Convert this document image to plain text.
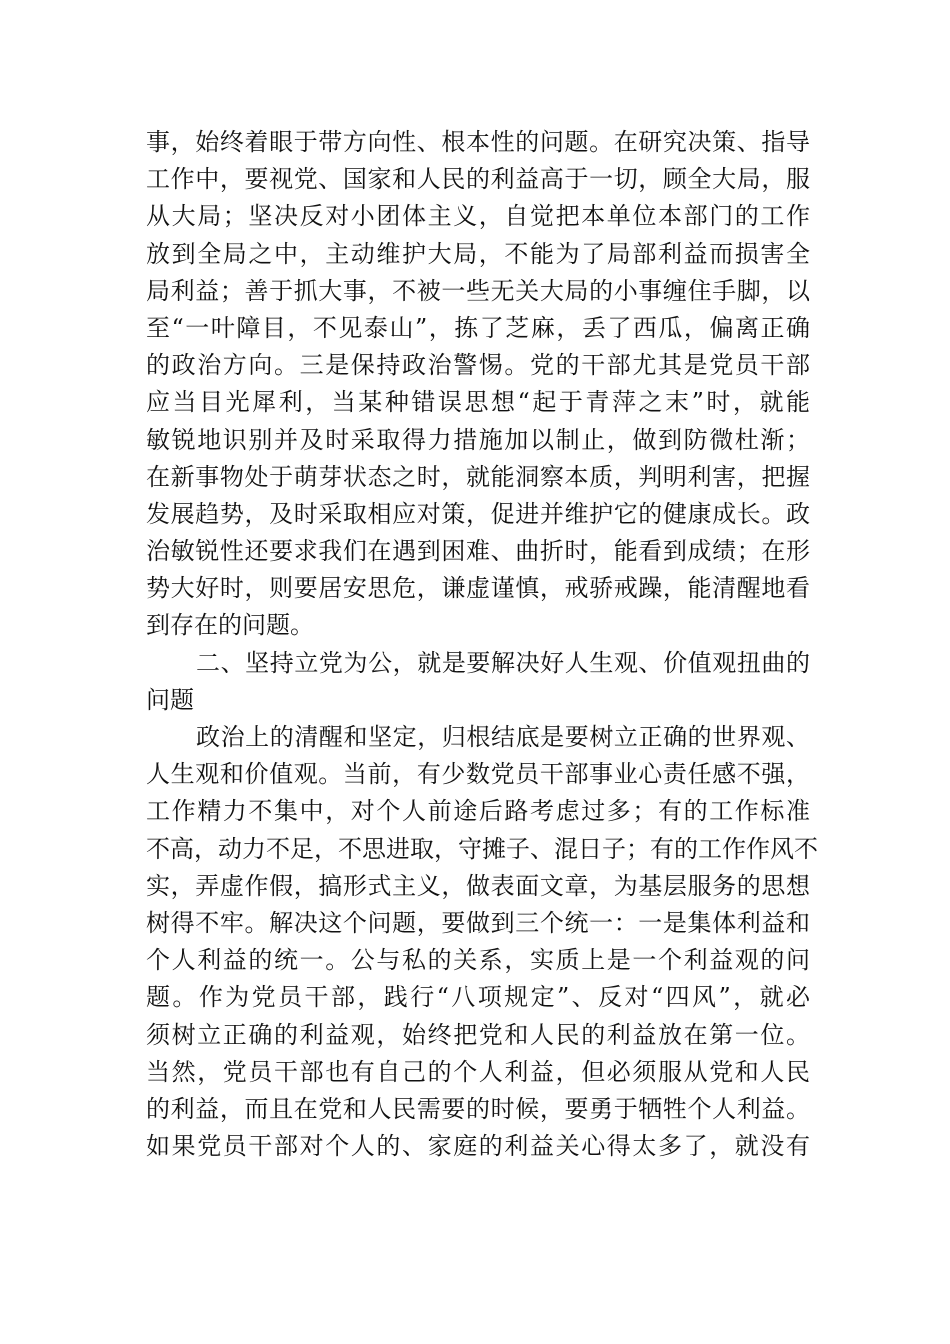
事，始终着眼于带方向性、根本性的问题。在研究决策、指导
工作中，要视党、国家和人民的利益高于一切，顾全大局，服
从大局；坚决反对小团体主义，自觉把本单位本部门的工作
放到全局之中，主动维护大局，不能为了局部利益而损害全
局利益；善于抓大事，不被一些无关大局的小事缠住手脚，以
至“一叶障目，不见泰山”，拣了芝麻，丢了西瓜，偏离正确
的政治方向。三是保持政治警惕。党的干部尤其是党员干部
应当目光犀利，当某种错误思想“起于青萍之末”时，就能
敏锐地识别并及时采取得力措施加以制止，做到防微杜渐；
在新事物处于萌芽状态之时，就能洞察本质，判明利害，把握
发展趋势，及时采取相应对策，促进并维护它的健康成长。政
治敏锐性还要求我们在遇到困难、曲折时，能看到成绩；在形
势大好时，则要居安思危，谦虚谨慎，戒骄戒躁，能清醒地看
到存在的问题。
二、坚持立党为公，就是要解决好人生观、价值观扭曲的
问题
政治上的清醒和坚定，归根结底是要树立正确的世界观、
人生观和价值观。当前，有少数党员干部事业心责任感不强，
工作精力不集中，对个人前途后路考虑过多；有的工作标准
不高，动力不足，不思进取，守摊子、混日子；有的工作作风不
实，弄虚作假，搞形式主义，做表面文章，为基层服务的思想
树得不牢。解决这个问题，要做到三个统一：一是集体利益和
个人利益的统一。公与私的关系，实质上是一个利益观的问
题。作为党员干部，践行“八项规定”、反对“四风”，就必
须树立正确的利益观，始终把党和人民的利益放在第一位。
当然，党员干部也有自己的个人利益，但必须服从党和人民
的利益，而且在党和人民需要的时候，要勇于牺牲个人利益。
如果党员干部对个人的、家庭的利益关心得太多了，就没有
